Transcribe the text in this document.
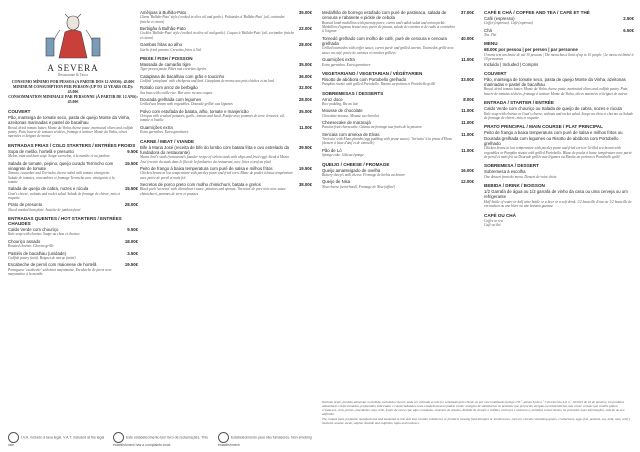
A SEVERA
Restaurante & Tasca
CONSUMO MÍNIMO POR PESSOA (A PARTIR DOS 12 ANOS): 45.00€
MINIMUM CONSUMPTION PER PERSON (UP TO 12 YEARS OLD): 45.00€
CONSOMMATION MINIMALE PAR PERSONNE (À PARTIR DE 12 ANS): 45.00€
COUVERT
Pão, manteiga de tomate seco, pasta de queijo Monte da Vinha, azeitonas marinadas e pastel de bacalhau
Bread, dried tomato butter, Monte da Vinha cheese paste, marinated olives and codfish pastry. Pain, beurre de tomates séchées, fromage à tartiner Monte da Vinha, olives marinées et beignet de morue
ENTRADAS FRIAS / COLD STARTERS / ENTRÉES FROIDS
Sopa de melão, hortelã e presunto
Melon, mint and ham soup. Soupe au melon, à la menthe et au jambon
9.50€
Salada de tomate, pepino, queijo curado Terrincho com vinagrete de tomate
Tomato, cucumber and Terrincho cheese salad with tomato vinaigrette. Salade de tomates, concombres et fromage Terrincho avec vinaigrette à la tomate
15.50€
Salada de queijo de cabra, nozes e rúcula
Goat's cheese, walnuts and rocket salad. Salade de fromage de chèvre, noix et roquette
15.50€
Prato de presunto
Sliced smoked ham plate. Assiette de jambon fumé
28.00€
ENTRADAS QUENTES / HOT STARTERS / ENTRÉES CHAUDES
Caldo Verde com chouriço
Kale soup with chorizo. Soupe au chou et chorizo
9.50€
Chouriço assado
Roasted chorizo. Chorizo grillé
18.00€
Pastéis de bacalhau (unidade)
Codfish pastry (unit). Beignet de morue (unité)
3.50€
Escabeche de pernil com maionese de hortelã
Portuguese 'escabeche' with mint mayonnaise. Escabeche de jarret avec mayonnaise à la menthe
19.50€
Amêijoas à Bulhão-Pato
Clams 'Bulhão-Pato' style (cooked in olive oil and garlic). Palourdes à 'Bulhão-Pato' (ail, coriandre fraiche et citron)
35.00€
Berbigão à Bulhão-Pato
Cockles 'Bulhão-Pato' style (cooked in olive oil and garlic). Coques à 'Bulhão-Pato' (ail, coriandre fraiche et citron)
22.00€
Gambas fritas ao alho
Garlic fried prawns. Crevettes frites à l'ail
28.00€
PEIXE / FISH / POISSON
Massada de camarão tigre
Tiger prawn pasta. Pâtes aux crevettes tigrées
35.00€
Cataplana de bacalhau com grão e toucinho
Codfish 'cataplana' with chickpeas and lard. Cataplana de morue aux pois chiches et au lard
36.00€
Robalo com arroz de berbigão
Sea bass with cockle rice. Bar avec riz aux coques
32.00€
Dourada grelhada com legumes
Grilled sea bream with vegetables. Dourade grillée aux légumes
28.00€
Polvo com estufada de batata, alho, tomate e manjericão
Octopus with crushed potatoes, garlic, tomato and basil. Poulpe avec pommes de terre écrasées, ail, tomate et basilic
35.00€
Guarnições extra
Extra garnishes. Extra garnitures
11.00€
CARNE / MEAT / VIANDE
Bife à Maria José (receita de bife do lombo com batata frita e ovo estrelado da fundadora do restaurante)
Maria José's steak (restaurant's founder recipe of sirloin steak with chips and fried egg). Steak à Maria José (recette du steak dans le filet de la fondatrice du restaurant, avec frites et œuf au plat)
39.50€
Peito de frango à baixa temperatura com puré de salsa e milhos fritos
Chicken breast at low temperature with parsley puree and fried corn. Blanc de poulet à basse température avec purée de persil et maïs frit
19.50€
Secretos de porco preto com molho chimichurri, batata e grelos
Black pork 'secretos' with chimichurri sauce, potatoes and sprouts. 'Secretos' de porc noir avec sauce chimichurri, pommes de terre et pousses
38.00€
Medalhão de borrego estufado com puré de pastinaca, salada de cenoura e rabanete e pickle de cebola
Braised lamb medallion with parsnip puree, carrot and radish salad and onion pickle. Médaillon d'agneau braisé avec purée de panais, salade de carottes et de radis et cornichon à l'oignon
37.00€
Tornedó grelhado com molho de café, puré de cenoura e cenoura grelhada
Grilled tournedos with coffee sauce, carrot purée and grilled carrots. Tournedos grillé avec sauce au café, purée de carottes et carottes grillées
40.00€
Guarnições extra
Extra garnishes. Extra garnitures
11.00€
VEGETARIANO / VEGETARIAN / VÉGÉTARIEN
Risotto de abóbora com Portobello grelhado
Pumpkin risotto with grilled Portobello. Risotto au potiron et Portobello grillé
33.00€
SOBREMESAS / DESSERTS
Arroz doce
Rice pudding. Riz au lait
8.00€
Mousse de chocolate
Chocolate mousse. Mousse au chocolat
11.00€
Cheesecake de maracujá
Passion fruit cheesecake. Gâteau au fromage aux fruits de la passion
11.00€
Sericaia com ameixa de Elvas
'Sericaia' with Elvas plumbs (egg pudding with prune sauce). 'Sericaia' à la prune d'Elvas (dessert à base d'œuf et de cannelle)
11.00€
Pão de Ló
Sponge cake. Gâteau éponge
11.00€
QUEIJO / CHEESE / FROMAGE
Queijo amanteigado de ovelha
Buttery sheep's milk cheese. Fromage de brebis au beurre
16.00€
Queijo de Nisa
Nisa cheese (semi-hard). Fromage de Nisa (affiné)
12.00€
CAFÉ E CHÁ / COFFEE AND TEA / CAFÉ ET THÉ
Café (espresso)
Coffee (espresso). Café (espresso)
2.50€
Chá
Tea. Thé
6.50€
MENU
68.00€ por pessoa | per person | par personne
O menu tem um limite de até 10 pessoas | The menu has a limit of up to 10 people | Le menu est limité à 10 personnes
Incluído | Included | Compris
COUVERT
Pão, manteiga de tomate seco, pasta de queijo Monte da Vinha, azeitonas marinadas e pastel de bacalhau
Bread, dried tomato butter, Monte da Vinha cheese paste, marinated olives and codfish pastry. Pain, beurre de tomates séchées, fromage à tartiner Monte da Vinha, olives marinées et beignet de morue
ENTRADA / STARTER / ENTRÉE
Caldo Verde com chouriço ou Salada de queijo de cabra, nozes e rúcula
Kale soup with chorizo or Goat's cheese, walnuts and rocket salad. Soupe au chou et chorizo ou Salade de fromage de chèvre, noix et roquette
PRATO PRINCIPAL / MAIN COURSE / PLAT PRINCIPAL
Peito de frango a baixa temperatura com puré de salsa e milhos fritos ou Dourada grelhada com legumes ou Risotto de abóbora com Portobello grelhado
Chicken breast at low temperature with parsley puree and fried corn or Grilled sea bream with vegetables or Pumpkin risotto with grilled Portobello. Blanc de poulet à basse température avec purée de persil et maïs frit ou Dourade grillée aux légumes ou Risotto au potiron et Portobello grillé
SOBREMESA / DESSERT
Sobremesa à escolha
One dessert from the menu. Dessert de votre choix
BEBIDA / DRINK / BOISSON
1/2 Garrafa de água ou 1/2 garrafa de vinho da casa ou uma cerveja ou um refrigerante
Half-bottle of water or half wine bottle or a beer or a soft drink. 1/2 bouteille d'eau ou 1/2 bouteille de vin maison ou une bière ou une boisson gazeuse
CAFÉ OU CHÁ
Coffee or tea
Café ou thé

Nenhum prato, produto alimentar ou bebida, incluindo couvert, pode ser cobrado se não for solicitado pelo cliente ou por este inutilizado (artigo 135.º, alínea b) do n.º 3 do Decreto-Lei n.º 10/2015 de 16 de janeiro). Os produtos alimentares confeccionados, preparados, fabricados e comercializados neste estabelecimento podem conter vestígios de substâncias ou produtos que provocam alergias ou intolerâncias, tais como: cereais que contêm glúten, crustáceos, ovos, peixes, amendoins, soja, leite, frutos de casca rija, aipo, mostarda, sementes de sésamo, dióxido de enxofre e sulfitos, tremoços e moluscos e produtos à base destes. Se pretender mais informações, solicite ao seu anfitrião.

The cooked food, prepared, manufactured and marketed in this unit may contain substances or products causing food allergies or intolerances, such as: cereals containing gluten, crustaceans, eggs, fish, peanuts, soy, milk, nuts, celery mustard, sesame seeds, sulphur dioxide and sulphites, lupin and molluscs.

I.V.A. incluído à taxa legal. V.A.T. included at the legal rate
Este estabelecimento tem livro de reclamações. This establishment has a complaints book
Estabelecimento para não fumadores. Non-smoking establishment
